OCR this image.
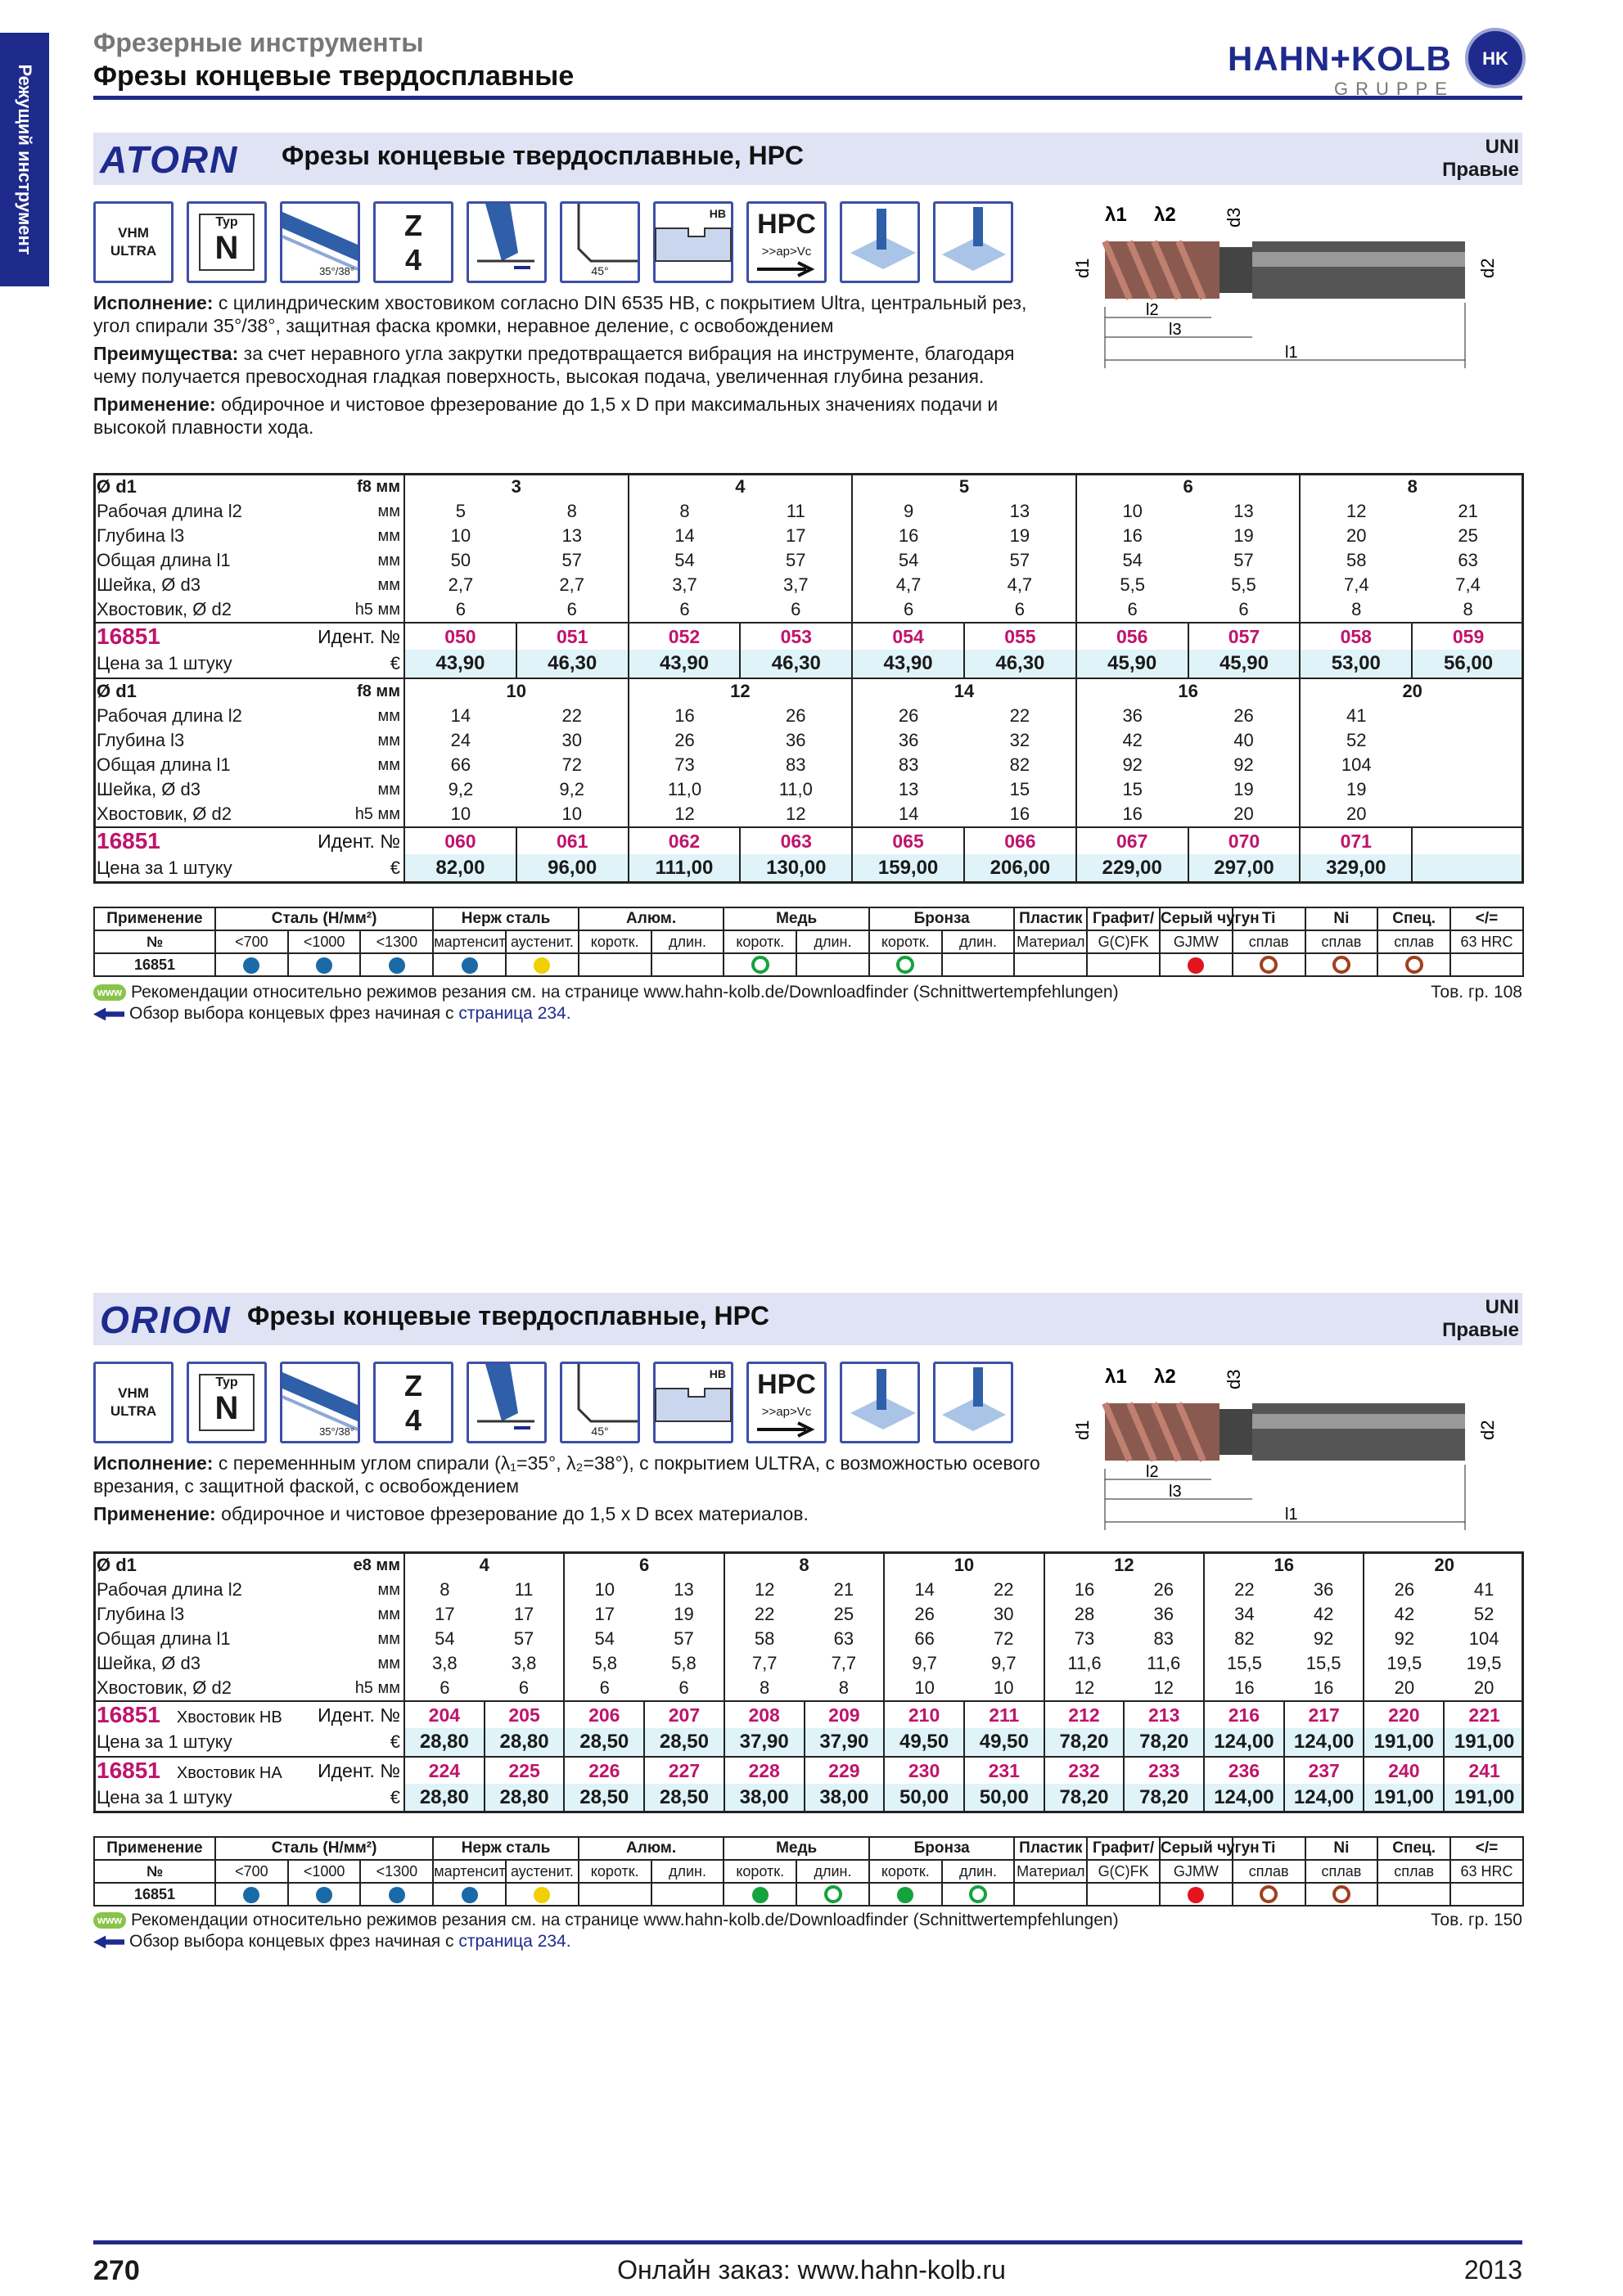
Режущий инструмент
Фрезерные инструменты
Фрезы концевые твердосплавные	HAHN+KOLB
GRUPPE
HK
ATORN Фрезы концевые твердосплавные, HPC	UNI
Правые
VHM
ULTRA
Typ
N
35°/38°
Z
4	45°
HB HPC
>>ap>Vc
λ1 λ2	d3
d1	d2
l2
l3
l1

Исполнение: с цилиндрическим хвостовиком согласно DIN 6535 HB, с покрытием Ultra, центральный рез, угол спирали 35°/38°, защитная фаска кромки, неравное деление, с освобождением

Преимущества: за счет неравного угла закрутки предотвращается вибрация на инструменте, благодаря чему получается превосходная гладкая поверхность, высокая подача, увеличенная глубина резания.

Применение: обдирочное и чистовое фрезерование до 1,5 x D при максимальных значениях подачи и высокой плавности хода.

Ø d1	f8 мм	3		4		5		6		8	
Рабочая длина l2	мм	5	8	8	11	9	13	10	13	12	21
Глубина l3	мм	10	13	14	17	16	19	16	19	20	25
Общая длина l1	мм	50	57	54	57	54	57	54	57	58	63
Шейка, Ø d3	мм	2,7	2,7	3,7	3,7	4,7	4,7	5,5	5,5	7,4	7,4
Хвостовик, Ø d2	h5 мм	6	6	6	6	6	6	6	6	8	8
16851	Идент. №	050	051	052	053	054	055	056	057	058	059
Цена за 1 штуку	€	43,90	46,30	43,90	46,30	43,90	46,30	45,90	45,90	53,00	56,00
Ø d1	f8 мм	10		12		14		16		20	
Рабочая длина l2	мм	14	22	16	26	26	22	36	26	41	
Глубина l3	мм	24	30	26	36	36	32	42	40	52	
Общая длина l1	мм	66	72	73	83	83	82	92	92	104	
Шейка, Ø d3	мм	9,2	9,2	11,0	11,0	13	15	15	19	19	
Хвостовик, Ø d2	h5 мм	10	10	12	12	14	16	16	20	20	
16851	Идент. №	060	061	062	063	065	066	067	070	071	
Цена за 1 штуку	€	82,00	96,00	111,00	130,00	159,00	206,00	229,00	297,00	329,00	
Применение	Сталь (Н/мм²)			Нерж сталь		Алюм.		Медь		Бронза		Пластик	Графит/	Серый чугун	Ti	Ni	Спец.	</=
№	<700	<1000	<1300	мартенсит.	аустенит.	коротк.	длин.	коротк.	длин.	коротк.	длин.	Материал	G(C)FK	GJMW	сплав	сплав	сплав	63 HRC
16851																		
www Рекомендации относительно режимов резания см. на странице www.hahn-kolb.de/Downloadfinder (Schnittwertempfehlungen)
Обзор выбора концевых фрез начиная с страница 234.
Тов. гр. 108
ORION Фрезы концевые твердосплавные, HPC	UNI
Правые
VHM
ULTRA
Typ
N
35°/38°
Z
4	45°
HB HPC
>>ap>Vc
λ1 λ2	d3
d1	d2
l2
l3
l1

Исполнение: с переменнным углом спирали (λ₁=35°, λ₂=38°), с покрытием ULTRA, с возможностью осевого врезания, с защитной фаской, с освобождением

Применение: обдирочное и чистовое фрезерование до 1,5 x D всех материалов.

Ø d1	e8 мм	4		6		8		10		12		16		20	
Рабочая длина l2	мм	8	11	10	13	12	21	14	22	16	26	22	36	26	41
Глубина l3	мм	17	17	17	19	22	25	26	30	28	36	34	42	42	52
Общая длина l1	мм	54	57	54	57	58	63	66	72	73	83	82	92	92	104
Шейка, Ø d3	мм	3,8	3,8	5,8	5,8	7,7	7,7	9,7	9,7	11,6	11,6	15,5	15,5	19,5	19,5
Хвостовик, Ø d2	h5 мм	6	6	6	6	8	8	10	10	12	12	16	16	20	20
16851 Хвостовик HB	Идент. №	204	205	206	207	208	209	210	211	212	213	216	217	220	221
Цена за 1 штуку	€	28,80	28,80	28,50	28,50	37,90	37,90	49,50	49,50	78,20	78,20	124,00	124,00	191,00	191,00
16851 Хвостовик HA	Идент. №	224	225	226	227	228	229	230	231	232	233	236	237	240	241
Цена за 1 штуку	€	28,80	28,80	28,50	28,50	38,00	38,00	50,00	50,00	78,20	78,20	124,00	124,00	191,00	191,00
Применение	Сталь (Н/мм²)			Нерж сталь		Алюм.		Медь		Бронза		Пластик	Графит/	Серый чугун	Ti	Ni	Спец.	</=
№	<700	<1000	<1300	мартенсит.	аустенит.	коротк.	длин.	коротк.	длин.	коротк.	длин.	Материал	G(C)FK	GJMW	сплав	сплав	сплав	63 HRC
16851																		
www Рекомендации относительно режимов резания см. на странице www.hahn-kolb.de/Downloadfinder (Schnittwertempfehlungen)
Обзор выбора концевых фрез начиная с страница 234.
Тов. гр. 150
270	Онлайн заказ: www.hahn-kolb.ru	2013
